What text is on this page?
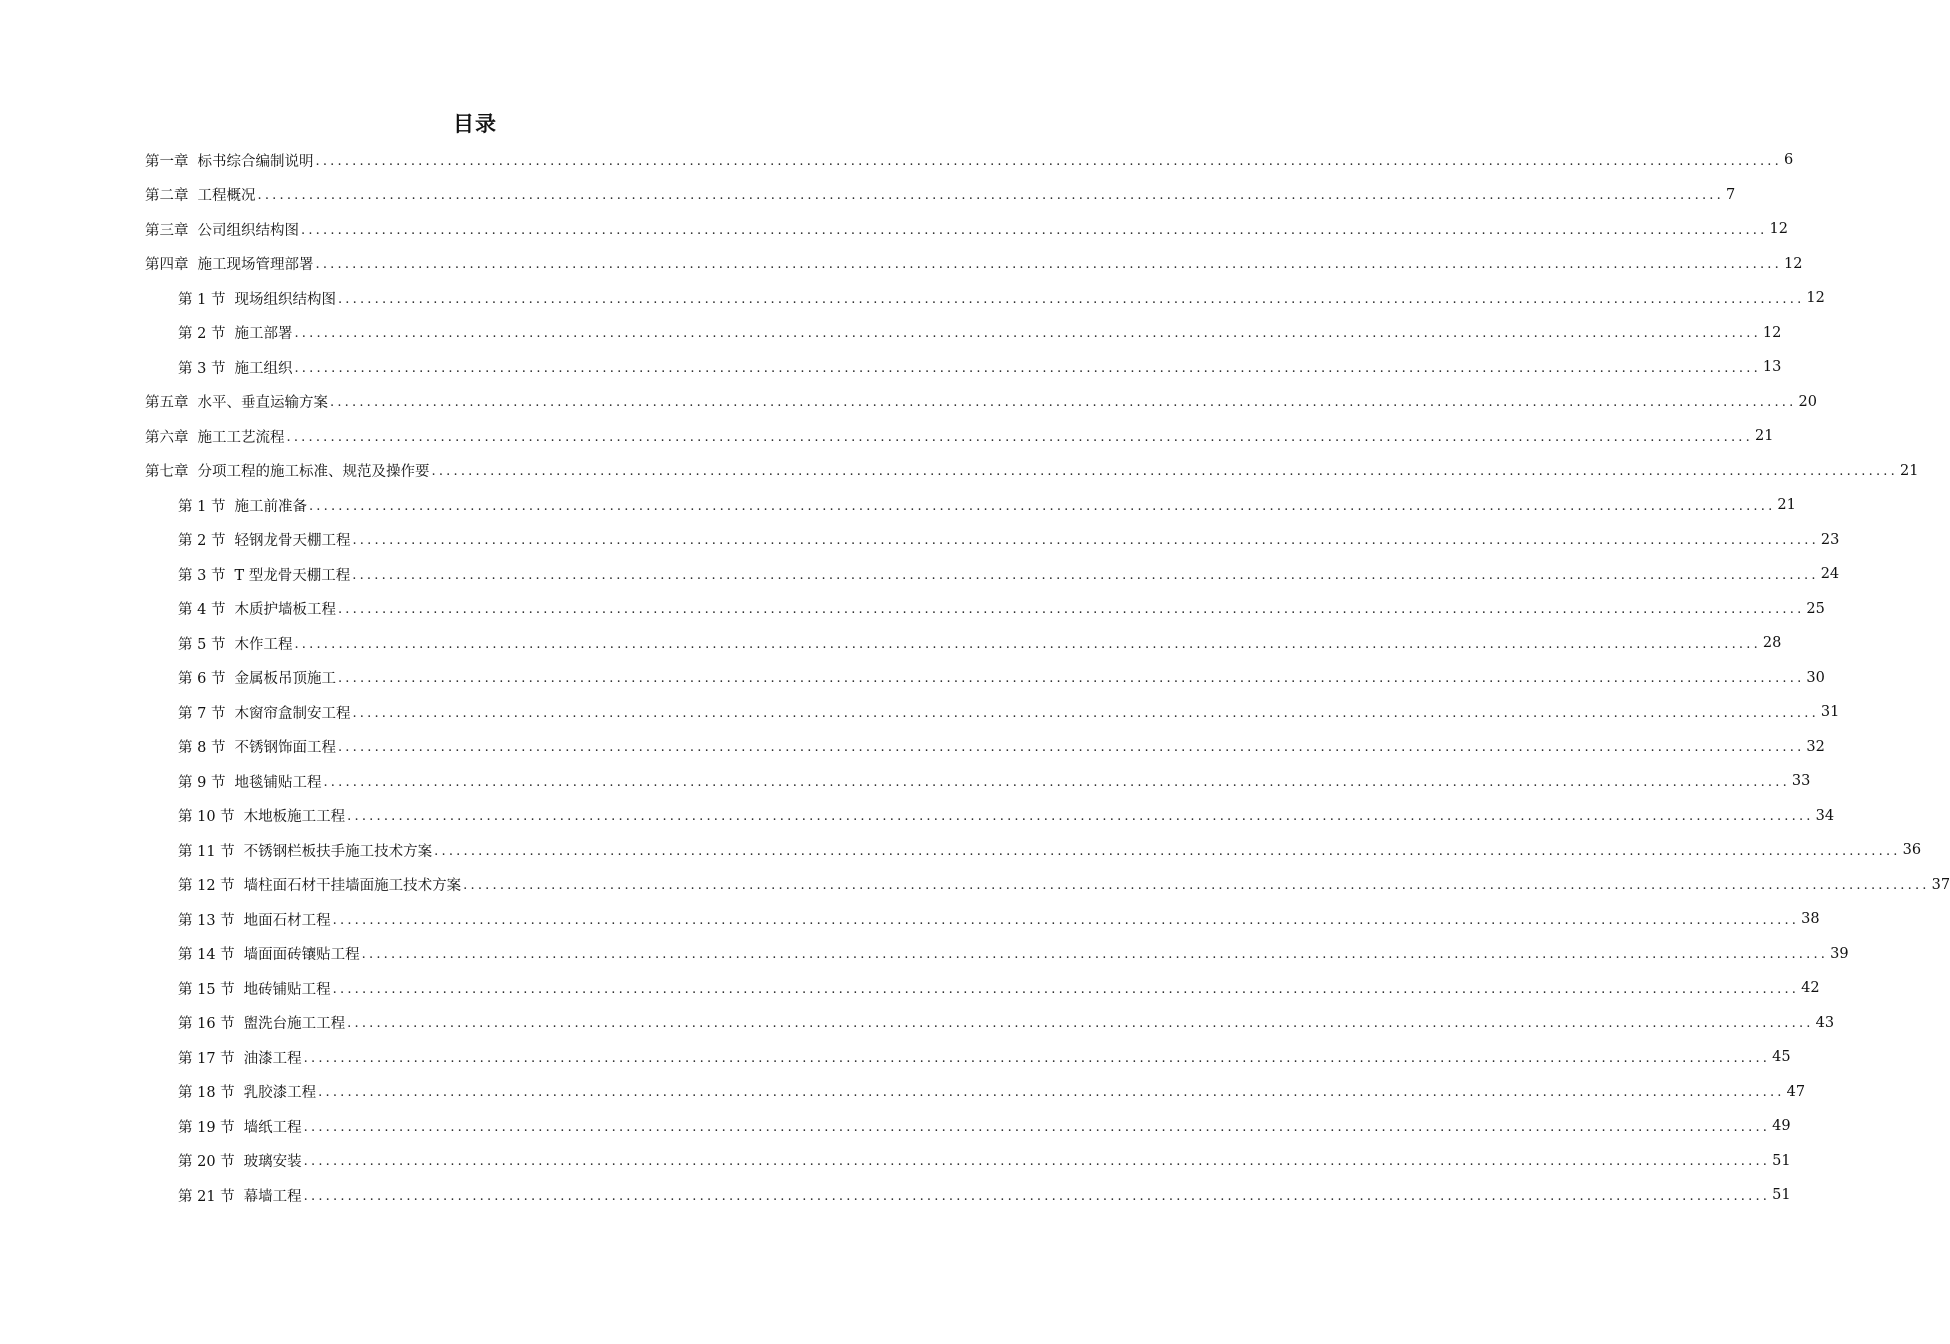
目录
第一章 标书综合编制说明 ........................................................................................................................................................................................................ 6
第二章 工程概况 ........................................................................................................................................................................................................ 7
第三章 公司组织结构图 ........................................................................................................................................................................................................ 12
第四章 施工现场管理部署 ........................................................................................................................................................................................................ 12
第 1 节 现场组织结构图 ........................................................................................................................................................................................................ 12
第 2 节 施工部署 ........................................................................................................................................................................................................ 12
第 3 节 施工组织 ........................................................................................................................................................................................................ 13
第五章 水平、垂直运输方案 ........................................................................................................................................................................................................ 20
第六章 施工工艺流程 ........................................................................................................................................................................................................ 21
第七章 分项工程的施工标准、规范及操作要 ........................................................................................................................................................................................................ 21
第 1 节 施工前准备 ........................................................................................................................................................................................................ 21
第 2 节 轻钢龙骨天棚工程 ........................................................................................................................................................................................................ 23
第 3 节 T 型龙骨天棚工程 ........................................................................................................................................................................................................ 24
第 4 节 木质护墙板工程 ........................................................................................................................................................................................................ 25
第 5 节 木作工程 ........................................................................................................................................................................................................ 28
第 6 节 金属板吊顶施工 ........................................................................................................................................................................................................ 30
第 7 节 木窗帘盒制安工程 ........................................................................................................................................................................................................ 31
第 8 节 不锈钢饰面工程 ........................................................................................................................................................................................................ 32
第 9 节 地毯铺贴工程 ........................................................................................................................................................................................................ 33
第 10 节 木地板施工工程 ........................................................................................................................................................................................................ 34
第 11 节 不锈钢栏板扶手施工技术方案 ........................................................................................................................................................................................................ 36
第 12 节 墙柱面石材干挂墙面施工技术方案 ........................................................................................................................................................................................................ 37
第 13 节 地面石材工程 ........................................................................................................................................................................................................ 38
第 14 节 墙面面砖镶贴工程 ........................................................................................................................................................................................................ 39
第 15 节 地砖铺贴工程 ........................................................................................................................................................................................................ 42
第 16 节 盥洗台施工工程 ........................................................................................................................................................................................................ 43
第 17 节 油漆工程 ........................................................................................................................................................................................................ 45
第 18 节 乳胶漆工程 ........................................................................................................................................................................................................ 47
第 19 节 墙纸工程 ........................................................................................................................................................................................................ 49
第 20 节 玻璃安装 ........................................................................................................................................................................................................ 51
第 21 节 幕墙工程 ........................................................................................................................................................................................................ 51
